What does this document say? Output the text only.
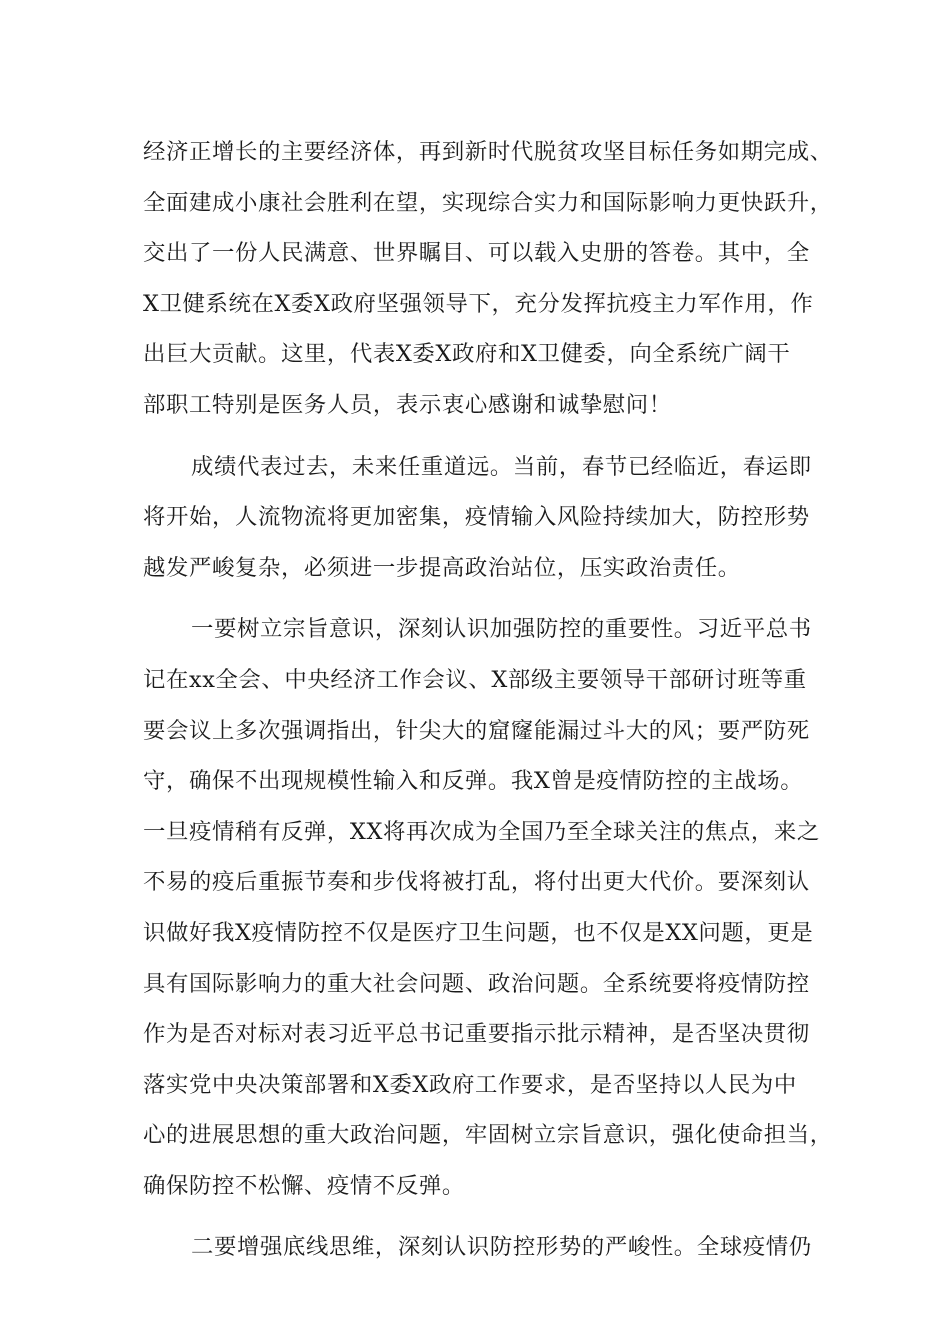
经济正增长的主要经济体，再到新时代脱贫攻坚目标任务如期完成、
全面建成小康社会胜利在望，实现综合实力和国际影响力更快跃升，
交出了一份人民满意、世界瞩目、可以载入史册的答卷。其中，全
X卫健系统在X委X政府坚强领导下，充分发挥抗疫主力军作用，作
出巨大贡献。这里，代表X委X政府和X卫健委，向全系统广阔干
部职工特别是医务人员，表示衷心感谢和诚挚慰问！
成绩代表过去，未来任重道远。当前，春节已经临近，春运即
将开始，人流物流将更加密集，疫情输入风险持续加大，防控形势
越发严峻复杂，必须进一步提高政治站位，压实政治责任。
一要树立宗旨意识，深刻认识加强防控的重要性。习近平总书
记在xx全会、中央经济工作会议、X部级主要领导干部研讨班等重
要会议上多次强调指出，针尖大的窟窿能漏过斗大的风；要严防死
守，确保不出现规模性输入和反弹。我X曾是疫情防控的主战场。
一旦疫情稍有反弹，XX将再次成为全国乃至全球关注的焦点，来之
不易的疫后重振节奏和步伐将被打乱，将付出更大代价。要深刻认
识做好我X疫情防控不仅是医疗卫生问题，也不仅是XX问题，更是
具有国际影响力的重大社会问题、政治问题。全系统要将疫情防控
作为是否对标对表习近平总书记重要指示批示精神，是否坚决贯彻
落实党中央决策部署和X委X政府工作要求，是否坚持以人民为中
心的进展思想的重大政治问题，牢固树立宗旨意识，强化使命担当，
确保防控不松懈、疫情不反弹。
二要增强底线思维，深刻认识防控形势的严峻性。全球疫情仍
